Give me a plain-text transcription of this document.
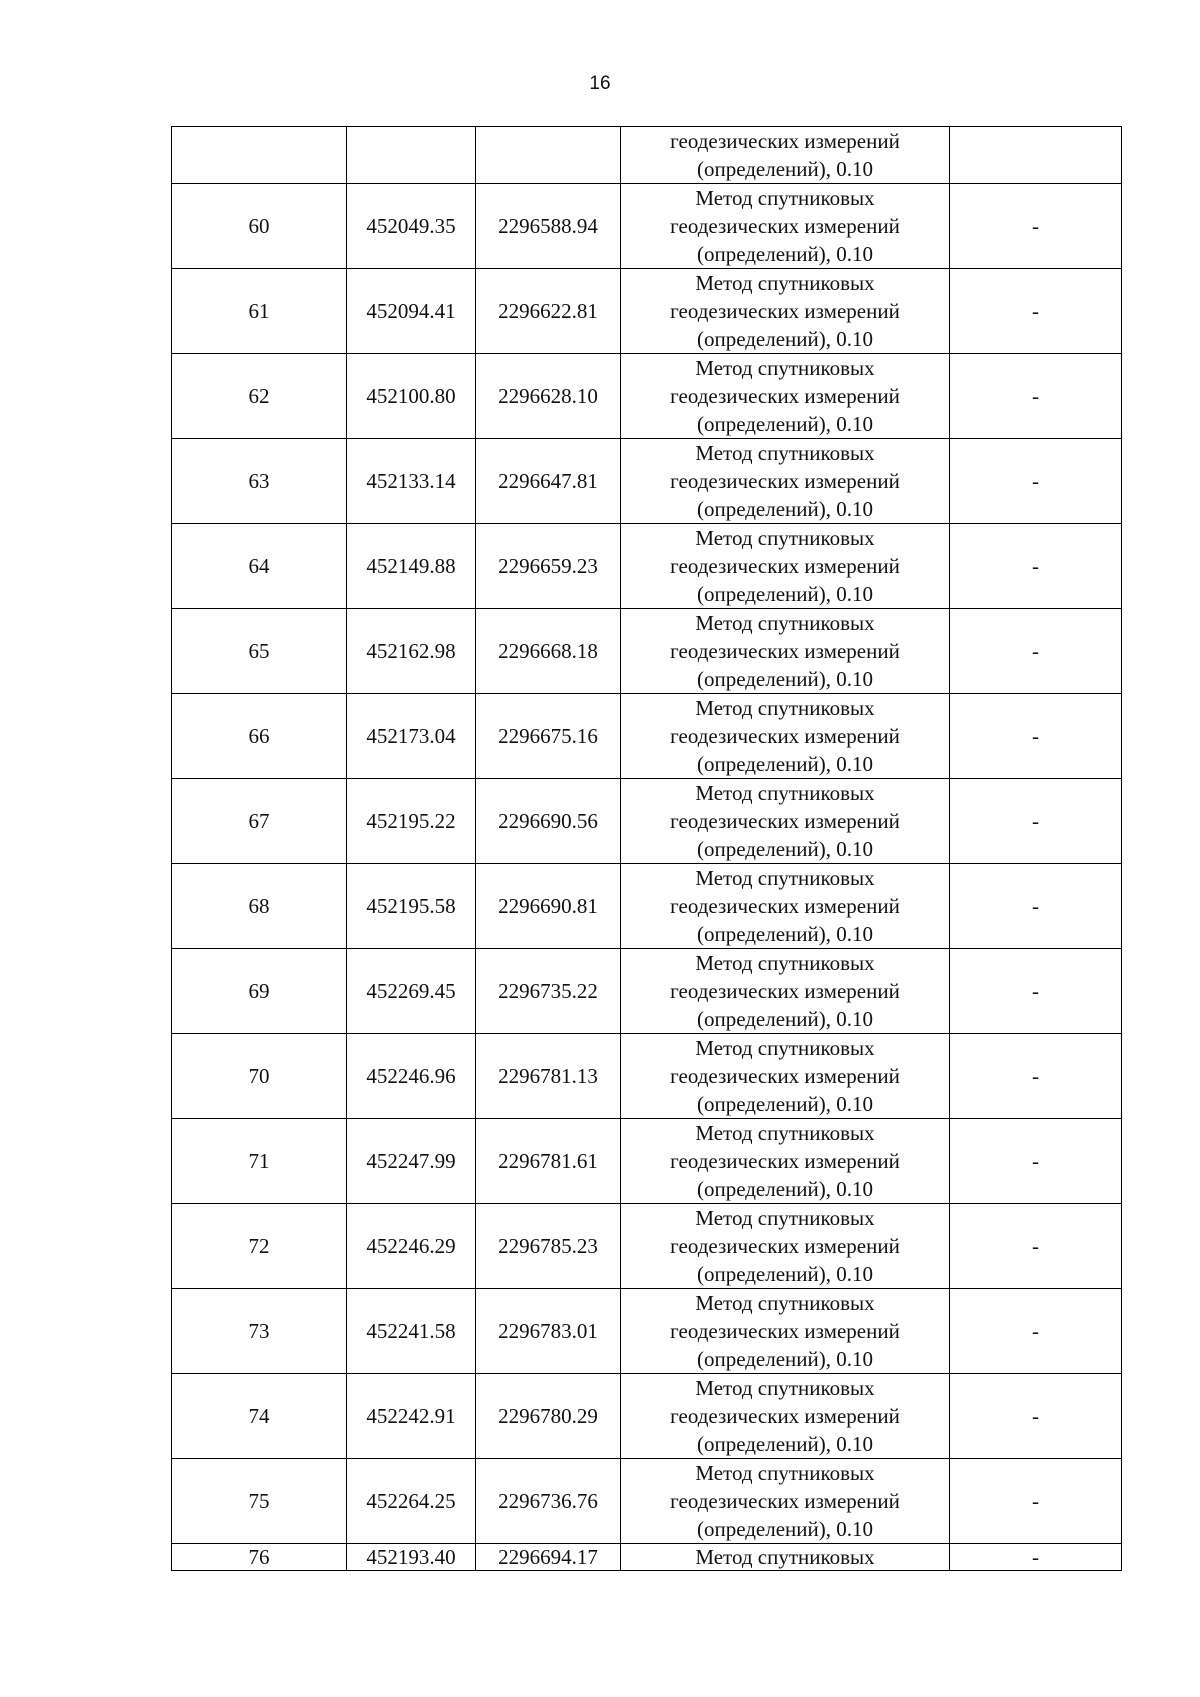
16
			геодезических измерений
(определений), 0.10	
60	452049.35	2296588.94	Метод спутниковых
геодезических измерений
(определений), 0.10	-
61	452094.41	2296622.81	Метод спутниковых
геодезических измерений
(определений), 0.10	-
62	452100.80	2296628.10	Метод спутниковых
геодезических измерений
(определений), 0.10	-
63	452133.14	2296647.81	Метод спутниковых
геодезических измерений
(определений), 0.10	-
64	452149.88	2296659.23	Метод спутниковых
геодезических измерений
(определений), 0.10	-
65	452162.98	2296668.18	Метод спутниковых
геодезических измерений
(определений), 0.10	-
66	452173.04	2296675.16	Метод спутниковых
геодезических измерений
(определений), 0.10	-
67	452195.22	2296690.56	Метод спутниковых
геодезических измерений
(определений), 0.10	-
68	452195.58	2296690.81	Метод спутниковых
геодезических измерений
(определений), 0.10	-
69	452269.45	2296735.22	Метод спутниковых
геодезических измерений
(определений), 0.10	-
70	452246.96	2296781.13	Метод спутниковых
геодезических измерений
(определений), 0.10	-
71	452247.99	2296781.61	Метод спутниковых
геодезических измерений
(определений), 0.10	-
72	452246.29	2296785.23	Метод спутниковых
геодезических измерений
(определений), 0.10	-
73	452241.58	2296783.01	Метод спутниковых
геодезических измерений
(определений), 0.10	-
74	452242.91	2296780.29	Метод спутниковых
геодезических измерений
(определений), 0.10	-
75	452264.25	2296736.76	Метод спутниковых
геодезических измерений
(определений), 0.10	-
76	452193.40	2296694.17	Метод спутниковых	-
